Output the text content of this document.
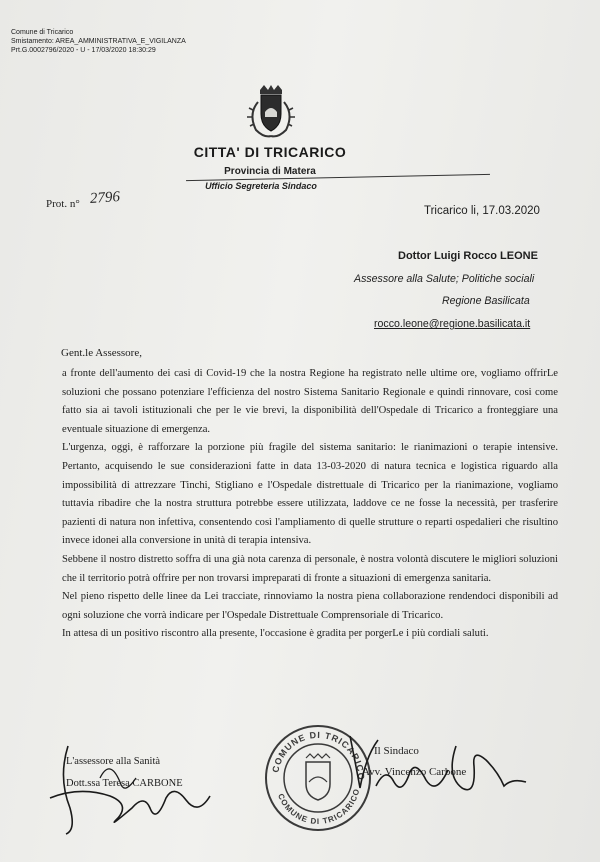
Comune di Tricarico
Smistamento: AREA_AMMINISTRATIVA_E_VIGILANZA
Prt.G.0002796/2020 - U - 17/03/2020 18:30:29
CITTA' DI TRICARICO
Provincia di Matera
Ufficio Segreteria Sindaco
Prot. n° 2796
Tricarico li, 17.03.2020
Dottor Luigi Rocco LEONE
Assessore alla Salute; Politiche sociali
Regione Basilicata
rocco.leone@regione.basilicata.it
Gent.le Assessore,

a fronte dell'aumento dei casi di Covid-19 che la nostra Regione ha registrato nelle ultime ore, vogliamo offrirLe soluzioni che possano potenziare l'efficienza del nostro Sistema Sanitario Regionale e quindi rinnovare, cosi come fatto sia ai tavoli istituzionali che per le vie brevi, la disponibilità dell'Ospedale di Tricarico a fronteggiare una eventuale situazione di emergenza.

L'urgenza, oggi, è rafforzare la porzione più fragile del sistema sanitario: le rianimazioni o terapie intensive. Pertanto, acquisendo le sue considerazioni fatte in data 13-03-2020 di natura tecnica e logistica riguardo alla impossibilità di attrezzare Tinchi, Stigliano e l'Ospedale distrettuale di Tricarico per la rianimazione, vogliamo tuttavia ribadire che la nostra struttura potrebbe essere utilizzata, laddove ce ne fosse la necessità, per trasferire pazienti di natura non infettiva, consentendo così l'ampliamento di quelle strutture o reparti ospedalieri che risultino invece idonei alla conversione in unità di terapia intensiva.

Sebbene il nostro distretto soffra di una già nota carenza di personale, è nostra volontà discutere le migliori soluzioni che il territorio potrà offrire per non trovarsi impreparati di fronte a situazioni di emergenza sanitaria.

Nel pieno rispetto delle linee da Lei tracciate, rinnoviamo la nostra piena collaborazione rendendoci disponibili ad ogni soluzione che vorrà indicare per l'Ospedale Distrettuale Comprensoriale di Tricarico.

In attesa di un positivo riscontro alla presente, l'occasione è gradita per porgerLe i più cordiali saluti.

L'assessore alla Sanità
Dott.ssa Teresa CARBONE
COMUNE DI TRICARICO
COMUNE DI TRICARICO
Il Sindaco
Avv. Vincenzo Carbone
